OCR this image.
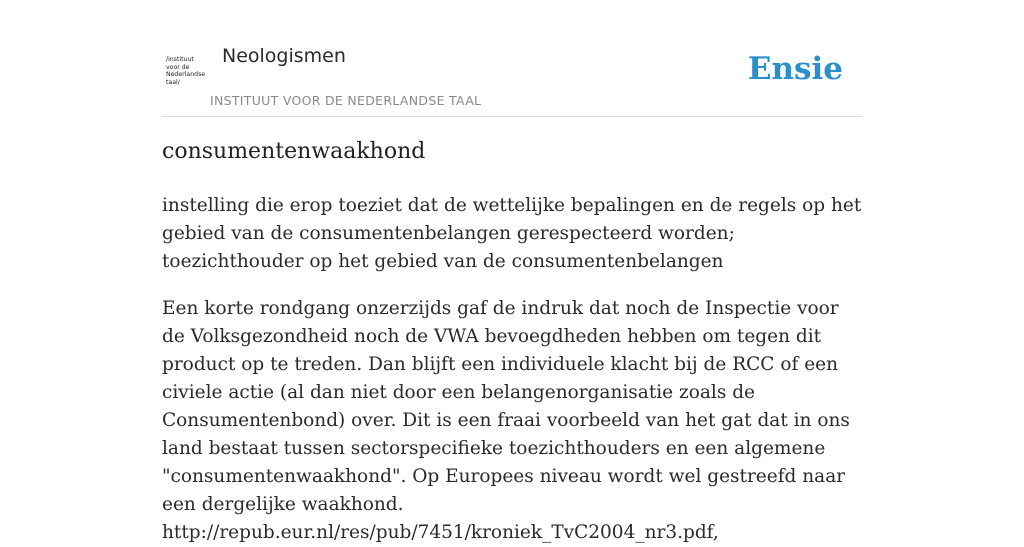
/instituut
voor de
Nederlandse
taal/
Neologismen
INSTITUUT VOOR DE NEDERLANDSE TAAL
Ensie
consumentenwaakhond

instelling die erop toeziet dat de wettelijke bepalingen en de regels op het gebied van de consumentenbelangen gerespecteerd worden; toezichthouder op het gebied van de consumentenbelangen

Een korte rondgang onzerzijds gaf de indruk dat noch de Inspectie voor de Volksgezondheid noch de VWA bevoegdheden hebben om tegen dit product op te treden. Dan blijft een individuele klacht bij de RCC of een civiele actie (al dan niet door een belangenorganisatie zoals de Consumentenbond) over. Dit is een fraai voorbeeld van het gat dat in ons land bestaat tussen sectorspecifieke toezichthouders en een algemene "consumentenwaakhond". Op Europees niveau wordt wel gestreefd naar een dergelijke waakhond. http://repub.eur.nl/res/pub/7451/kroniek_TvC2004_nr3.pdf,
